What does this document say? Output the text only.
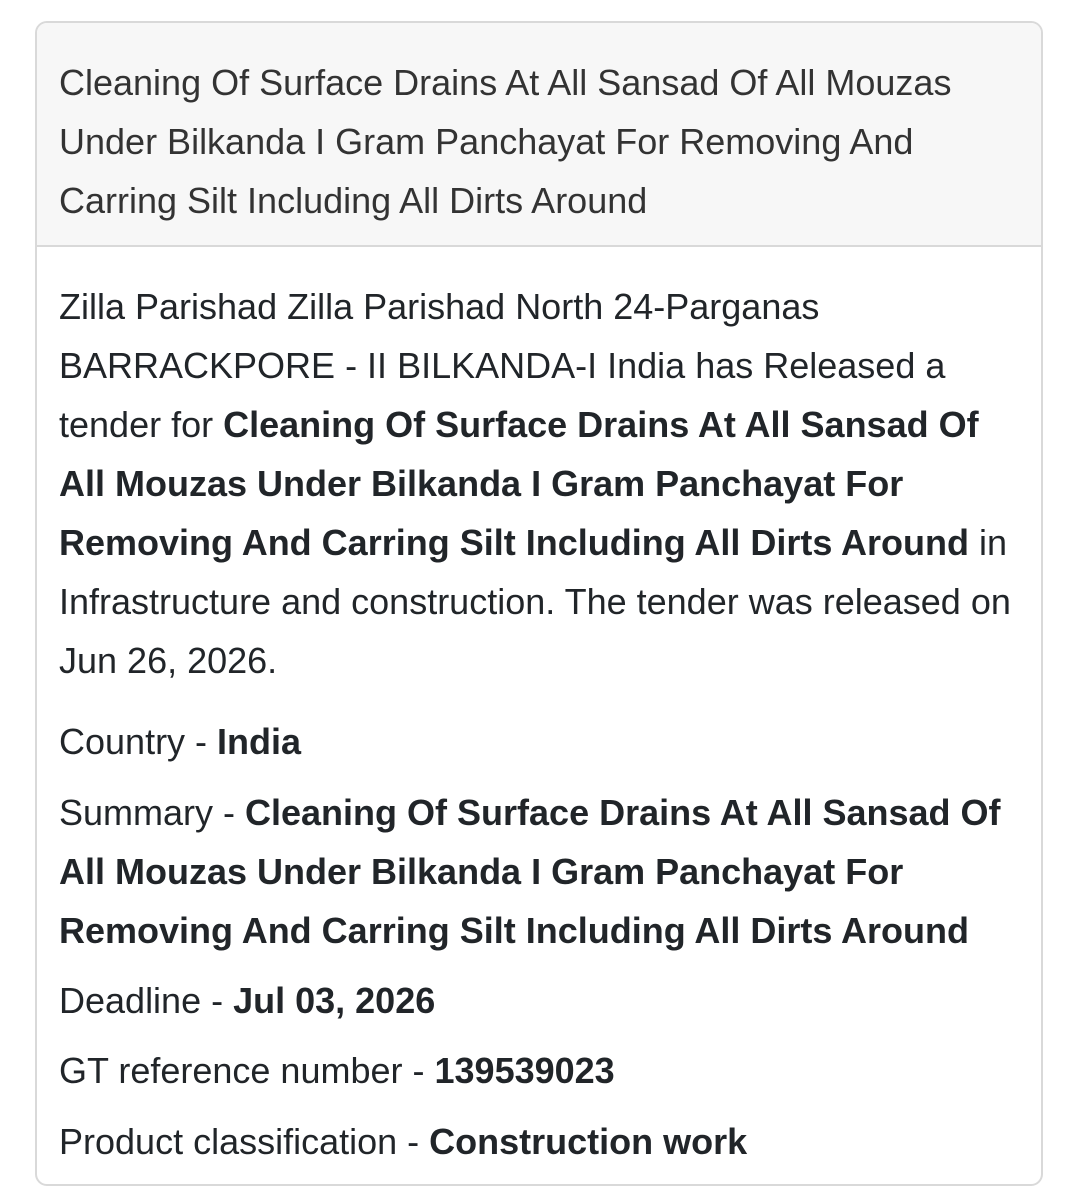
Cleaning Of Surface Drains At All Sansad Of All Mouzas Under Bilkanda I Gram Panchayat For Removing And Carring Silt Including All Dirts Around

Zilla Parishad Zilla Parishad North 24-Parganas BARRACKPORE - II BILKANDA-I India has Released a tender for Cleaning Of Surface Drains At All Sansad Of All Mouzas Under Bilkanda I Gram Panchayat For Removing And Carring Silt Including All Dirts Around in Infrastructure and construction. The tender was released on Jun 26, 2026.

Country - India

Summary - Cleaning Of Surface Drains At All Sansad Of All Mouzas Under Bilkanda I Gram Panchayat For Removing And Carring Silt Including All Dirts Around

Deadline - Jul 03, 2026

GT reference number - 139539023

Product classification - Construction work
